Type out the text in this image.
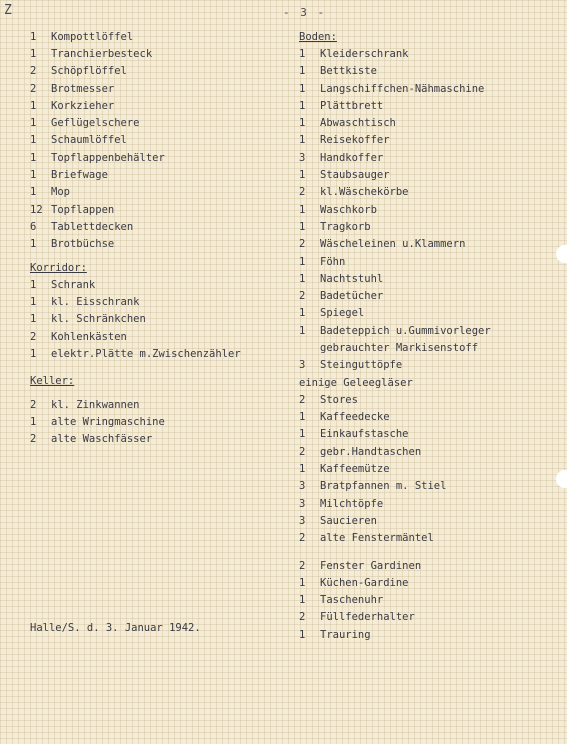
Z	- 3 -
1	Kompottlöffel
1	Tranchierbesteck
2	Schöpflöffel
2	Brotmesser
1	Korkzieher
1	Geflügelschere
1	Schaumlöffel
1	Topflappenbehälter
1	Briefwage
1	Mop
12 Topflappen
6	Tablettdecken
1	Brotbüchse
Korridor:
1	Schrank
1	kl. Eisschrank
1	kl. Schränkchen
2	Kohlenkästen
1	elektr.Plätte m.Zwischenzähler
Keller:
2	kl. Zinkwannen
1	alte Wringmaschine
2	alte Waschfässer
Boden:
1	Kleiderschrank
1	Bettkiste
1	Langschiffchen-Nähmaschine
1	Plättbrett
1	Abwaschtisch
1	Reisekoffer
3	Handkoffer
1	Staubsauger
2	kl.Wäschekörbe
1	Waschkorb
1	Tragkorb
2	Wäscheleinen u.Klammern
1	Föhn
1	Nachtstuhl
2	Badetücher
1	Spiegel
1	Badeteppich u.Gummivorleger
gebrauchter Markisenstoff
3	Steinguttöpfe
einige Geleegläser
2	Stores
1	Kaffeedecke
1	Einkaufstasche
2	gebr.Handtaschen
1	Kaffeemütze
3	Bratpfannen m. Stiel
3	Milchtöpfe
3	Saucieren
2	alte Fenstermäntel
2	Fenster Gardinen
1	Küchen-Gardine
1	Taschenuhr
2	Füllfederhalter
1	Trauring
Halle/S. d. 3. Januar 1942.
